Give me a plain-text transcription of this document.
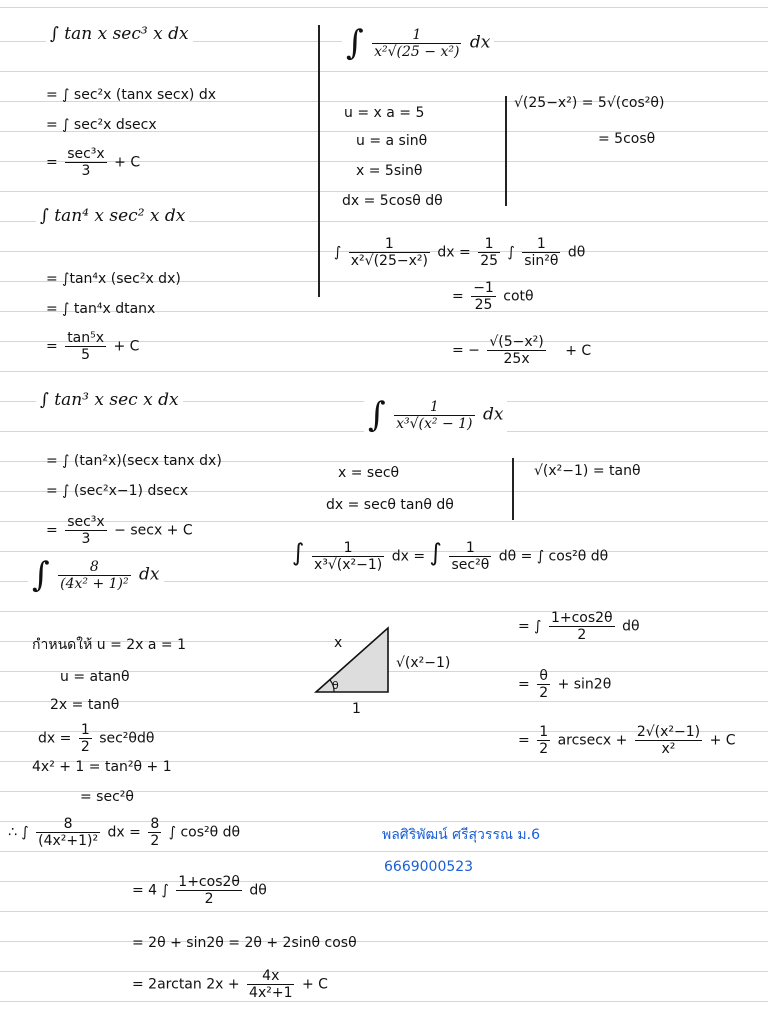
∫ tan x sec³ x dx
= ∫ sec²x (tanx secx) dx
= ∫ sec²x dsecx
= $\frac{\text{sec³x}}{3} + C$
∫ tan⁴ x sec² x dx
= ∫tan⁴x (sec²x dx)
= ∫ tan⁴x dtanx
= $\frac{\text{tan⁵x}}{5} + C$
∫ tan³ x sec x dx
= ∫ (tan²x)(secx tanx dx)
= ∫ (sec²x−1) dsecx
= $\frac{\text{sec³x}}{3} - \sec x + C$
∫ $\frac{8}{\text{(4x² + 1)²}}$ dx
กำหนดให้ u = 2x a = 1
u = atanθ
2x = tanθ
dx = $\frac{1}{2} \sec^2\theta d\theta$
4x² + 1 = tan²θ + 1
= sec²θ
∴ ∫ $\frac{8}{\text{(4x²+1)²}}$ dx = $\frac{8}{2}$ ∫ cos²θ dθ
= 4 ∫ $\frac{1+\cos 2\theta}{2}$ dθ
= 2θ + sin2θ = 2θ + 2sinθ cosθ
= 2arctan $2x + \frac{4x}{\text{4x²+1}} + C$
∫ $\frac{1}{\text{x²√(25 − x²)}}$ dx
u = x a = 5
u = a sinθ
x = 5sinθ
dx = 5cosθ dθ
√(25−x²) = 5√(cos²θ)
= 5cosθ
∫ $\frac{1}{\text{x²√(25−x²)}}$ dx = $\frac{1}{25}$ ∫ $\frac{1}{\text{sin²θ}}$ dθ
= $\frac{-1}{25}$ cotθ
= − $\frac{\text{√(5−x²)}}{25x} + C$
∫ $\frac{1}{\text{x³√(x² − 1)}}$ dx
x = secθ
dx = secθ tanθ dθ
√(x²−1) = tanθ
∫ $\frac{1}{\text{x³√(x²−1)}}$ dx = ∫ $\frac{1}{\text{sec²θ}}$ dθ = ∫ cos²θ dθ
= ∫ $\frac{1+\cos 2\theta}{2}$ dθ
= $\frac{\theta}{2} + \sin 2\theta$
= $\frac{1}{2}$ $arcsecx + \frac{\text{2√(x²−1)}}{\text{x²}} + C$
x
√(x²−1)
1
θ
พลศิริพัฒน์ ศรีสุวรรณ ม.6
6669000523
